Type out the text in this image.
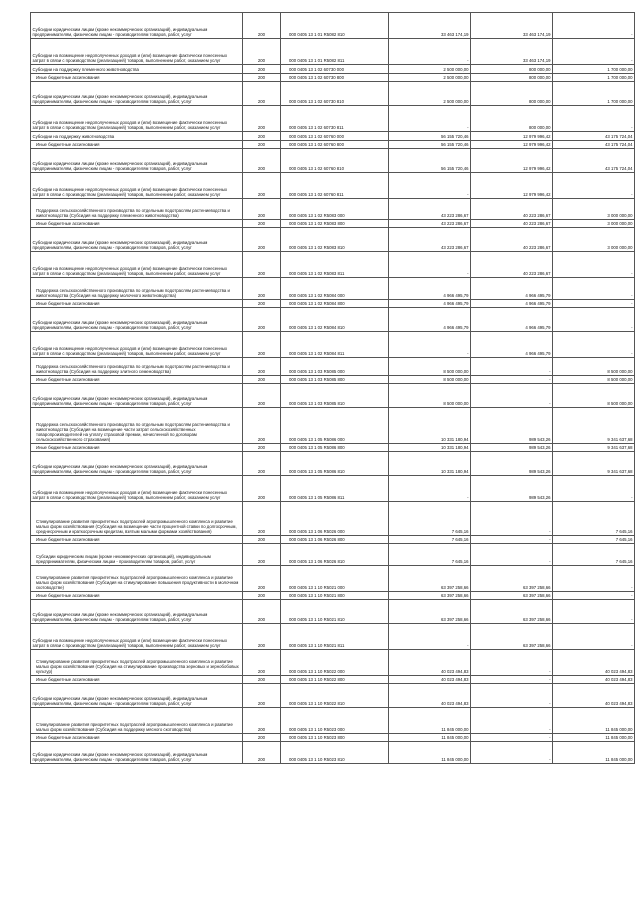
Субсидии юридическим лицам (кроме некоммерческих организаций), индивидуальным предпринимателям, физическим лицам - производителям товаров, работ, услуг	200	000 0405 13 1 01 R5082 810	33 463 174,19	33 463 174,19	-
Субсидии на возмещение недополученных доходов и (или) возмещение фактически понесенных затрат в связи с производством (реализацией) товаров, выполнением работ, оказанием услуг	200	000 0405 13 1 01 R5082 811	-	33 463 174,19	-
Субсидии на поддержку племенного животноводства	200	000 0405 13 1 02 60730 000	2 500 000,00	800 000,00	1 700 000,00
Иные бюджетные ассигнования	200	000 0405 13 1 02 60730 800	2 500 000,00	800 000,00	1 700 000,00
Субсидии юридическим лицам (кроме некоммерческих организаций), индивидуальным предпринимателям, физическим лицам - производителям товаров, работ, услуг	200	000 0405 13 1 02 60730 810	2 500 000,00	800 000,00	1 700 000,00
Субсидии на возмещение недополученных доходов и (или) возмещение фактически понесенных затрат в связи с производством (реализацией) товаров, выполнением работ, оказанием услуг	200	000 0405 13 1 02 60730 811	-	800 000,00	-
Субсидии на поддержку животноводства	200	000 0405 13 1 02 60760 000	56 155 720,46	12 979 996,42	43 175 724,04
Иные бюджетные ассигнования	200	000 0405 13 1 02 60760 800	56 155 720,46	12 979 996,42	43 175 724,04
Субсидии юридическим лицам (кроме некоммерческих организаций), индивидуальным предпринимателям, физическим лицам - производителям товаров, работ, услуг	200	000 0405 13 1 02 60760 810	56 155 720,46	12 979 996,42	43 175 724,04
Субсидии на возмещение недополученных доходов и (или) возмещение фактически понесенных затрат в связи с производством (реализацией) товаров, выполнением работ, оказанием услуг	200	000 0405 13 1 02 60760 811	-	12 979 996,42	-
Поддержка сельскохозяйственного производства по отдельным подотраслям растениеводства и животноводства (Субсидия на поддержку племенного животноводства)	200	000 0405 13 1 02 R5083 000	43 223 286,67	40 223 286,67	3 000 000,00
Иные бюджетные ассигнования	200	000 0405 13 1 02 R5083 800	43 223 286,67	40 223 286,67	3 000 000,00
Субсидии юридическим лицам (кроме некоммерческих организаций), индивидуальным предпринимателям, физическим лицам - производителям товаров, работ, услуг	200	000 0405 13 1 02 R5083 810	43 223 286,67	40 223 286,67	3 000 000,00
Субсидии на возмещение недополученных доходов и (или) возмещение фактически понесенных затрат в связи с производством (реализацией) товаров, выполнением работ, оказанием услуг	200	000 0405 13 1 02 R5083 811	-	40 223 286,67	-
Поддержка сельскохозяйственного производства по отдельным подотраслям растениеводства и животноводства (Субсидия на поддержку молочного животноводства)	200	000 0405 13 1 02 R5084 000	4 966 495,79	4 966 495,79	-
Иные бюджетные ассигнования	200	000 0405 13 1 02 R5084 800	4 966 495,79	4 966 495,79	-
Субсидии юридическим лицам (кроме некоммерческих организаций), индивидуальным предпринимателям, физическим лицам - производителям товаров, работ, услуг	200	000 0405 13 1 02 R5084 810	4 966 495,79	4 966 495,79	-
Субсидии на возмещение недополученных доходов и (или) возмещение фактически понесенных затрат в связи с производством (реализацией) товаров, выполнением работ, оказанием услуг	200	000 0405 13 1 02 R5084 811	-	4 966 495,79	-
Поддержка сельскохозяйственного производства по отдельным подотраслям растениеводства и животноводства (Субсидия на поддержку элитного семеноводства)	200	000 0405 13 1 03 R5085 000	8 500 000,00	-	8 500 000,00
Иные бюджетные ассигнования	200	000 0405 13 1 03 R5085 800	8 500 000,00	-	8 500 000,00
Субсидии юридическим лицам (кроме некоммерческих организаций), индивидуальным предпринимателям, физическим лицам - производителям товаров, работ, услуг	200	000 0405 13 1 03 R5085 810	8 500 000,00	-	8 500 000,00
Поддержка сельскохозяйственного производства по отдельным подотраслям растениеводства и животноводства (Субсидия на возмещение части затрат сельскохозяйственных товаропроизводителей на уплату страховой премии, начисленной по договорам сельскохозяйственного страхования)	200	000 0405 13 1 05 R5086 000	10 331 180,94	989 543,26	9 341 637,68
Иные бюджетные ассигнования	200	000 0405 13 1 05 R5086 800	10 331 180,94	989 543,26	9 341 637,68
Субсидии юридическим лицам (кроме некоммерческих организаций), индивидуальным предпринимателям, физическим лицам - производителям товаров, работ, услуг	200	000 0405 13 1 05 R5086 810	10 331 180,94	989 543,26	9 341 637,68
Субсидии на возмещение недополученных доходов и (или) возмещение фактически понесенных затрат в связи с производством (реализацией) товаров, выполнением работ, оказанием услуг	200	000 0405 13 1 05 R5086 811	-	989 543,26	-
Стимулирование развития приоритетных подотраслей агропромышленного комплекса и развитие малых форм хозяйствования (Субсидия на возмещение части процентной ставки по долгосрочным, среднесрочным и краткосрочным кредитам, взятым малыми формами хозяйствования)	200	000 0405 13 1 06 R5026 000	7 645,16	-	7 645,16
Иные бюджетные ассигнования	200	000 0405 13 1 06 R5026 800	7 645,16	-	7 645,16
Субсидии юридическим лицам (кроме некоммерческих организаций), индивидуальным предпринимателям, физическим лицам - производителям товаров, работ, услуг	200	000 0405 13 1 06 R5026 810	7 645,16	-	7 645,16
Стимулирование развития приоритетных подотраслей агропромышленного комплекса и развитие малых форм хозяйствования (Субсидия на стимулирование повышения продуктивности в молочном скотоводстве)	200	000 0405 13 1 10 R5021 000	63 397 258,66	63 397 258,66	-
Иные бюджетные ассигнования	200	000 0405 13 1 10 R5021 800	63 397 258,66	63 397 258,66	-
Субсидии юридическим лицам (кроме некоммерческих организаций), индивидуальным предпринимателям, физическим лицам - производителям товаров, работ, услуг	200	000 0405 13 1 10 R5021 810	63 397 258,66	63 397 258,66	-
Субсидии на возмещение недополученных доходов и (или) возмещение фактически понесенных затрат в связи с производством (реализацией) товаров, выполнением работ, оказанием услуг	200	000 0405 13 1 10 R5021 811	-	63 397 258,66	-
Стимулирование развития приоритетных подотраслей агропромышленного комплекса и развитие малых форм хозяйствования (Субсидия на стимулирование производства зерновых и зернобобовых культур)	200	000 0405 13 1 10 R5022 000	40 023 494,83	-	40 023 494,83
Иные бюджетные ассигнования	200	000 0405 13 1 10 R5022 800	40 023 494,83	-	40 023 494,83
Субсидии юридическим лицам (кроме некоммерческих организаций), индивидуальным предпринимателям, физическим лицам - производителям товаров, работ, услуг	200	000 0405 13 1 10 R5022 810	40 023 494,83	-	40 023 494,83
Стимулирование развития приоритетных подотраслей агропромышленного комплекса и развитие малых форм хозяйствования (Субсидия на поддержку мясного скотоводства)	200	000 0405 13 1 10 R5023 000	11 845 000,00	-	11 845 000,00
Иные бюджетные ассигнования	200	000 0405 13 1 10 R5023 800	11 845 000,00	-	11 845 000,00
Субсидии юридическим лицам (кроме некоммерческих организаций), индивидуальным предпринимателям, физическим лицам - производителям товаров, работ, услуг	200	000 0405 13 1 10 R5023 810	11 845 000,00	-	11 845 000,00
